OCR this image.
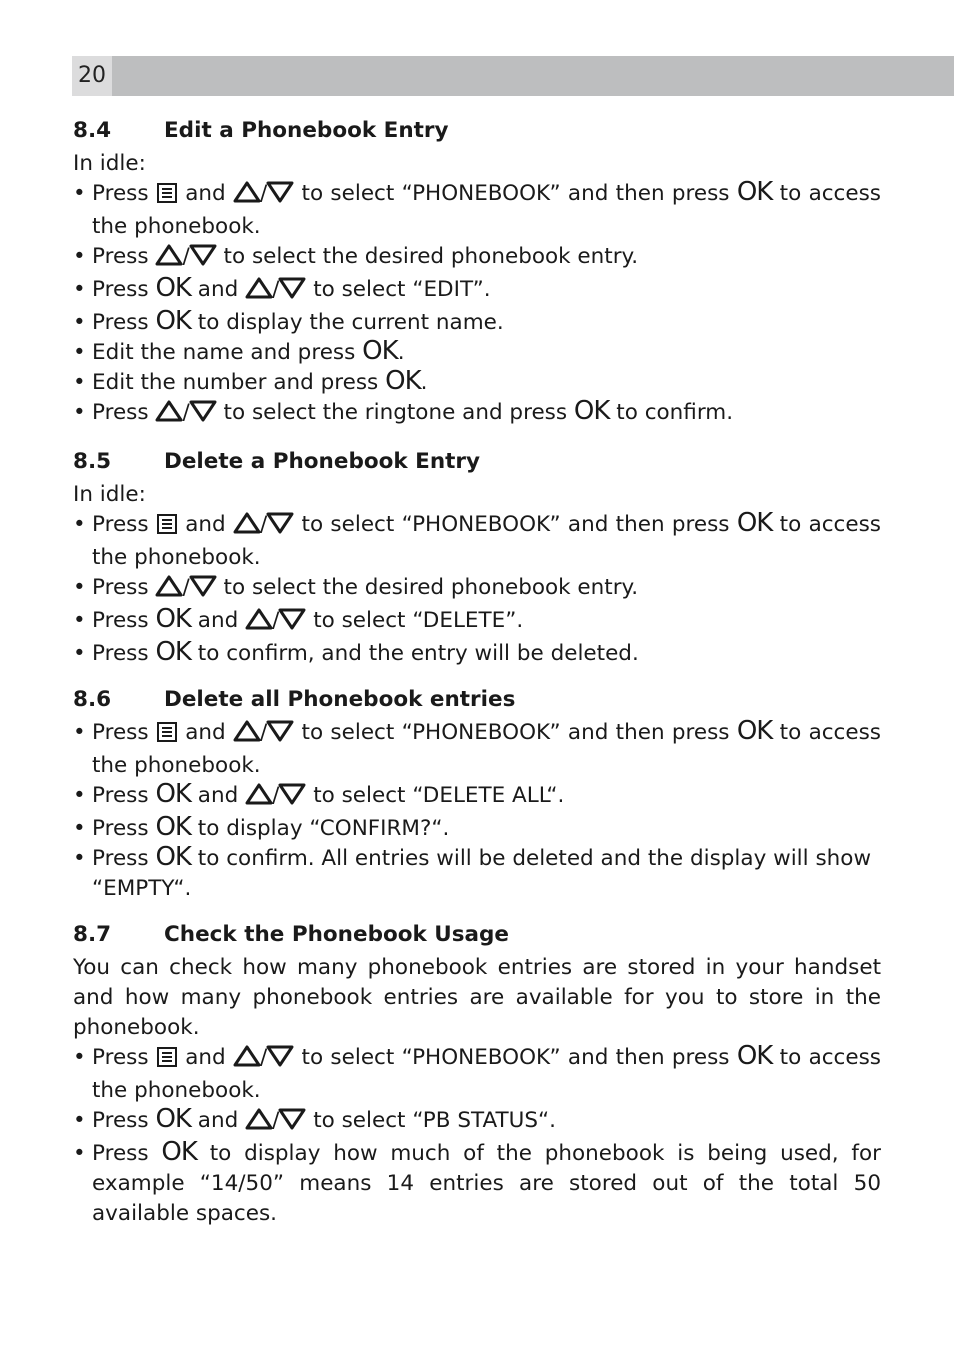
20
8.4	Edit a Phonebook Entry

In idle:

• Press and / to select “PHONEBOOK” and then press OK to access the phonebook.
• Press / to select the desired phonebook entry.
• Press OK and / to select “EDIT”.
• Press OK to display the current name.
• Edit the name and press OK.
• Edit the number and press OK.
• Press / to select the ringtone and press OK to confirm.
8.5	Delete a Phonebook Entry

In idle:

• Press and / to select “PHONEBOOK” and then press OK to access the phonebook.
• Press / to select the desired phonebook entry.
• Press OK and / to select “DELETE”.
• Press OK to confirm, and the entry will be deleted.
8.6	Delete all Phonebook entries
• Press and / to select “PHONEBOOK” and then press OK to access the phonebook.
• Press OK and / to select “DELETE ALL“.
• Press OK to display “CONFIRM?“.
• Press OK to confirm. All entries will be deleted and the display will show “EMPTY“.
8.7	Check the Phonebook Usage

You can check how many phonebook entries are stored in your handset and how many phonebook entries are available for you to store in the phonebook.

• Press and / to select “PHONEBOOK” and then press OK to access the phonebook.
• Press OK and / to select “PB STATUS“.
• Press OK to display how much of the phonebook is being used, for example “14/50” means 14 entries are stored out of the total 50 available spaces.
